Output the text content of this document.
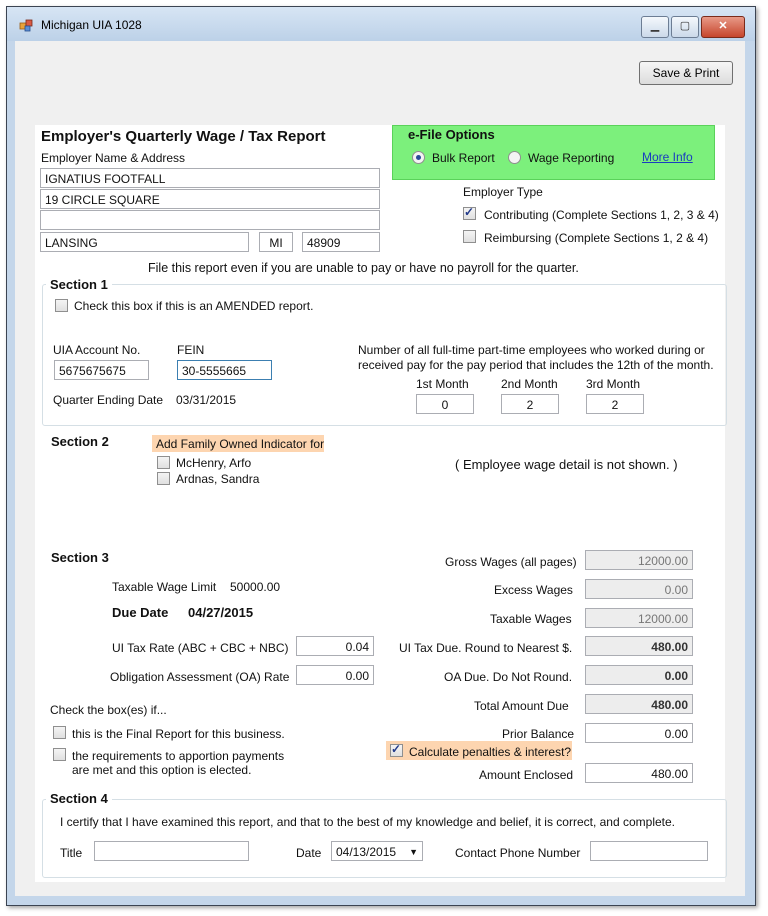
Michigan UIA 1028	▁	▢	✕
Save & Print
Employer's Quarterly Wage / Tax Report
Employer Name & Address
IGNATIUS FOOTFALL
19 CIRCLE SQUARE
LANSING	MI	48909
e-File Options
Bulk Report	Wage Reporting More Info
Employer Type
✓
Contributing (Complete Sections 1, 2, 3 & 4)
Reimbursing (Complete Sections 1, 2 & 4)
File this report even if you are unable to pay or have no payroll for the quarter.
Section 1
Check this box if this is an AMENDED report.
UIA Account No.
5675675675
FEIN
30-5555665
Quarter Ending Date 03/31/2015
Number of all full-time part-time employees who worked during or
received pay for the pay period that includes the 12th of the month.
1st Month	2nd Month 3rd Month
0	2	2
Section 2	Add Family Owned Indicator for
McHenry, Arfo
Ardnas, Sandra
( Employee wage detail is not shown. )
Section 3
Taxable Wage Limit 50000.00
Due Date 04/27/2015
UI Tax Rate (ABC + CBC + NBC)	0.04
Obligation Assessment (OA) Rate	0.00
Check the box(es) if...
this is the Final Report for this business.
the requirements to apportion payments
are met and this option is elected.
Gross Wages (all pages)	12000.00
Excess Wages	0.00
Taxable Wages	12000.00
UI Tax Due. Round to Nearest $.	480.00
OA Due. Do Not Round.	0.00
Total Amount Due	480.00
Prior Balance	0.00
✓
Calculate penalties & interest?
Amount Enclosed	480.00
Section 4
I certify that I have examined this report, and that to the best of my knowledge and belief, it is correct, and complete.
Title	Date	04/13/2015 ▼	Contact Phone Number
